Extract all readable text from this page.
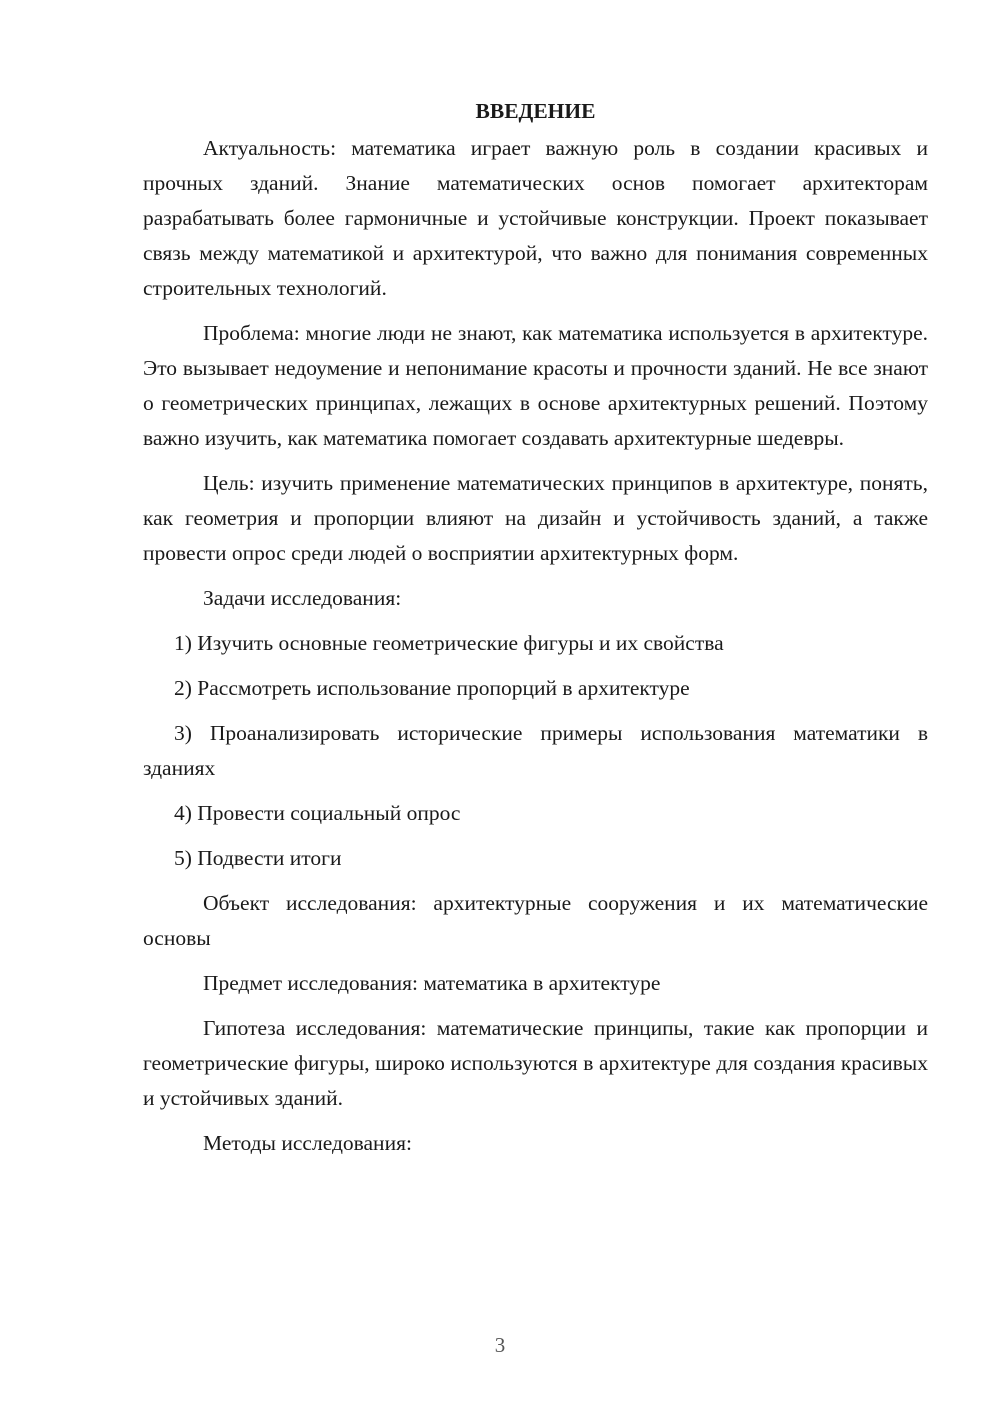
ВВЕДЕНИЕ

Актуальность: математика играет важную роль в создании красивых и прочных зданий. Знание математических основ помогает архитекторам разрабатывать более гармоничные и устойчивые конструкции. Проект показывает связь между математикой и архитектурой, что важно для понимания современных строительных технологий.

Проблема: многие люди не знают, как математика используется в архитектуре. Это вызывает недоумение и непонимание красоты и прочности зданий. Не все знают о геометрических принципах, лежащих в основе архитектурных решений. Поэтому важно изучить, как математика помогает создавать архитектурные шедевры.

Цель: изучить применение математических принципов в архитектуре, понять, как геометрия и пропорции влияют на дизайн и устойчивость зданий, а также провести опрос среди людей о восприятии архитектурных форм.

Задачи исследования:

1) Изучить основные геометрические фигуры и их свойства

2) Рассмотреть использование пропорций в архитектуре

3) Проанализировать исторические примеры использования математики в зданиях

4) Провести социальный опрос

5) Подвести итоги

Объект исследования: архитектурные сооружения и их математические основы

Предмет исследования: математика в архитектуре

Гипотеза исследования: математические принципы, такие как пропорции и геометрические фигуры, широко используются в архитектуре для создания красивых и устойчивых зданий.

Методы исследования:

3
